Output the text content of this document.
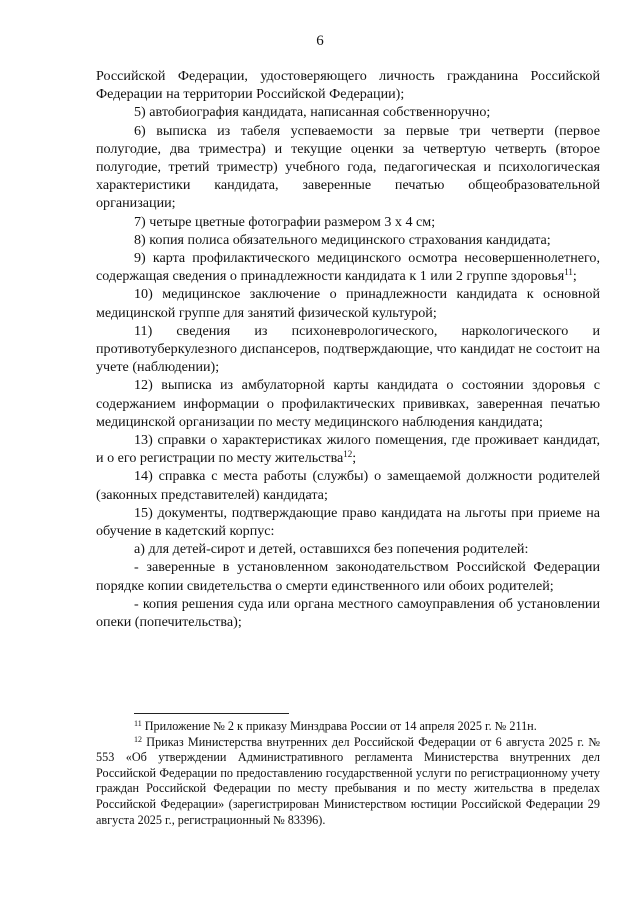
6

Российской Федерации, удостоверяющего личность гражданина Российской Федерации на территории Российской Федерации);

5) автобиография кандидата, написанная собственноручно;

6) выписка из табеля успеваемости за первые три четверти (первое полугодие, два триместра) и текущие оценки за четвертую четверть (второе полугодие, третий триместр) учебного года, педагогическая и психологическая характеристики кандидата, заверенные печатью общеобразовательной организации;

7) четыре цветные фотографии размером 3 х 4 см;

8) копия полиса обязательного медицинского страхования кандидата;

9) карта профилактического медицинского осмотра несовершеннолетнего, содержащая сведения о принадлежности кандидата к 1 или 2 группе здоровья$^{11}$;

10) медицинское заключение о принадлежности кандидата к основной медицинской группе для занятий физической культурой;

11) сведения из психоневрологического, наркологического и противотуберкулезного диспансеров, подтверждающие, что кандидат не состоит на учете (наблюдении);

12) выписка из амбулаторной карты кандидата о состоянии здоровья с содержанием информации о профилактических прививках, заверенная печатью медицинской организации по месту медицинского наблюдения кандидата;

13) справки о характеристиках жилого помещения, где проживает кандидат, и о его регистрации по месту жительства$^{12}$;

14) справка с места работы (службы) о замещаемой должности родителей (законных представителей) кандидата;

15) документы, подтверждающие право кандидата на льготы при приеме на обучение в кадетский корпус:

а) для детей-сирот и детей, оставшихся без попечения родителей:

- заверенные в установленном законодательством Российской Федерации порядке копии свидетельства о смерти единственного или обоих родителей;

- копия решения суда или органа местного самоуправления об установлении опеки (попечительства);

$^{11}$ Приложение № 2 к приказу Минздрава России от 14 апреля 2025 г. № 211н.

$^{12}$ Приказ Министерства внутренних дел Российской Федерации от 6 августа 2025 г. № 553 «Об утверждении Административного регламента Министерства внутренних дел Российской Федерации по предоставлению государственной услуги по регистрационному учету граждан Российской Федерации по месту пребывания и по месту жительства в пределах Российской Федерации» (зарегистрирован Министерством юстиции Российской Федерации 29 августа 2025 г., регистрационный № 83396).
